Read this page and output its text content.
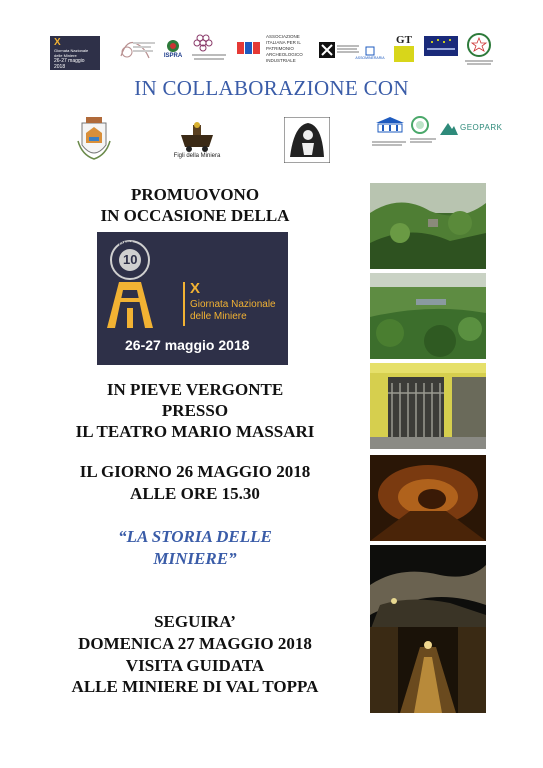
X
Giornata Nazionale delle Miniere
26-27 maggio 2018
ISPRA
ASSOCIAZIONE ITALIANA PER IL PATRIMONIO ARCHEOLOGICO INDUSTRIALE	ASSOMINERARIA
GT
IN COLLABORAZIONE CON
Figli della Miniera
GEOPARK
PROMUOVONO
IN OCCASIONE DELLA
GNM
10
X
Giornata Nazionale
delle Miniere
26-27 maggio 2018
IN PIEVE VERGONTE
PRESSO
IL TEATRO MARIO MASSARI
IL GIORNO 26 MAGGIO 2018
ALLE ORE 15.30
“LA STORIA DELLE
MINIERE”
SEGUIRA’
DOMENICA 27 MAGGIO 2018
VISITA GUIDATA
ALLE MINIERE DI VAL TOPPA
